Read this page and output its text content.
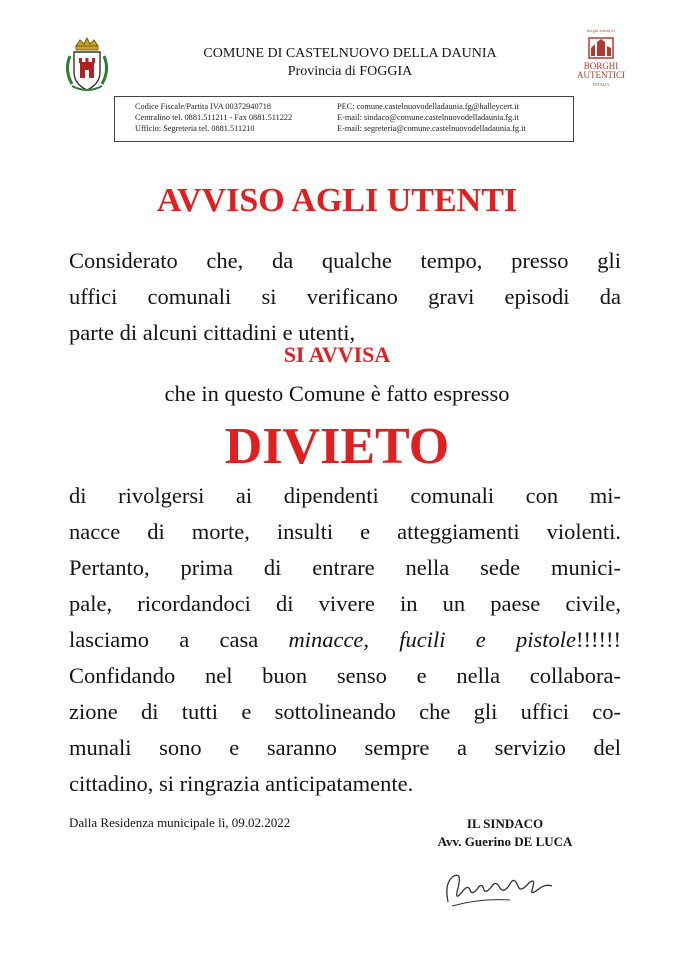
borghi autentici
BORGHI
AUTENTICI
D'ITALIA
COMUNE DI CASTELNUOVO DELLA DAUNIA
Provincia di FOGGIA
Codice Fiscale/Partita IVA 00372940718
Centralino tel. 0881.511211 - Fax 0881.511222
Ufficio: Segreteria tel. 0881.511210
PEC: comune.castelnuovodelladaunia.fg@halleycert.it
E-mail: sindaco@comune.castelnuovodelladaunia.fg.it
E-mail: segreteria@comune.castelnuovodelladaunia.fg.it
AVVISO AGLI UTENTI
Considerato che, da qualche tempo, presso gli
uffici comunali si verificano gravi episodi da
parte di alcuni cittadini e utenti,
SI AVVISA
che in questo Comune è fatto espresso
DIVIETO
di rivolgersi ai dipendenti comunali con mi-
nacce di morte, insulti e atteggiamenti violenti.
Pertanto, prima di entrare nella sede munici-
pale, ricordandoci di vivere in un paese civile,
lasciamo a casa minacce, fucili e pistole!!!!!!
Confidando nel buon senso e nella collabora-
zione di tutti e sottolineando che gli uffici co-
munali sono e saranno sempre a servizio del
cittadino, si ringrazia anticipatamente.
Dalla Residenza municipale lì, 09.02.2022	IL SINDACO
Avv. Guerino DE LUCA
